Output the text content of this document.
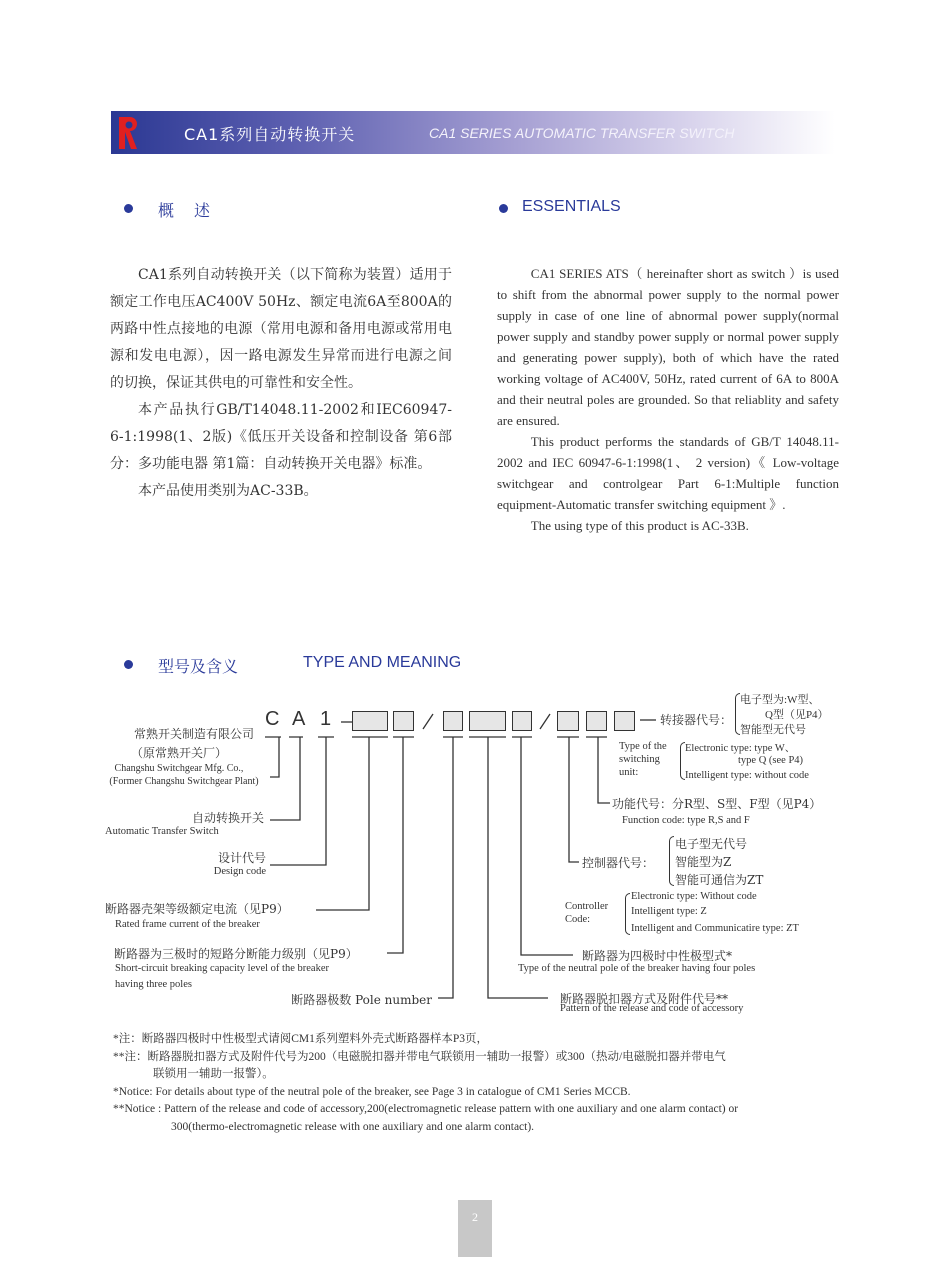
CA1系列自动转换开关	CA1 SERIES AUTOMATIC TRANSFER SWITCH
概　述	ESSENTIALS

CA1系列自动转换开关（以下简称为装置）适用于额定工作电压AC400V 50Hz、额定电流6A至800A的两路中性点接地的电源（常用电源和备用电源或常用电源和发电电源），因一路电源发生异常而进行电源之间的切换，保证其供电的可靠性和安全性。

本产品执行GB/T14048.11-2002和IEC60947-6-1:1998(1、2版)《低压开关设备和控制设备 第6部分：多功能电器 第1篇：自动转换开关电器》标准。

本产品使用类别为AC-33B。

CA1 SERIES ATS（ hereinafter short as switch ）is used to shift from the abnormal power supply to the normal power supply in case of one line of abnormal power supply(normal power supply and standby power supply or normal power supply and generating power supply), both of which have the rated working voltage of AC400V, 50Hz, rated current of 6A to 800A and their neutral poles are grounded. So that reliablity and safety are ensured.

This product performs the standards of GB/T 14048.11-2002 and IEC 60947-6-1:1998(1、 2 version)《 Low-voltage switchgear and controlgear Part 6-1:Multiple function equipment-Automatic transfer switching equipment 》.

The using type of this product is AC-33B.

型号及含义	TYPE AND MEANING
C A 1
常熟开关制造有限公司
（原常熟开关厂）
Changshu Switchgear Mfg. Co.,
(Former Changshu Switchgear Plant)
自动转换开关
Automatic Transfer Switch
设计代号
Design code
断路器壳架等级额定电流（见P9）
Rated frame current of the breaker
断路器为三极时的短路分断能力级别（见P9）
Short-circuit breaking capacity level of the breaker
having three poles
断路器极数 Pole number
转接器代号：
电子型为:W型、
Q型（见P4）
智能型无代号
Type of the
switching
unit:
Electronic type: type W、
type Q (see P4)
Intelligent type: without code
功能代号：分R型、S型、F型（见P4）
Function code: type R,S and F
控制器代号：
电子型无代号
智能型为Z
智能可通信为ZT
Controller
Code:
Electronic type: Without code
Intelligent type: Z
Intelligent and Communicatire type: ZT
断路器为四极时中性极型式*
Type of the neutral pole of the breaker having four poles
断路器脱扣器方式及附件代号**
Pattern of the release and code of accessory
*注：断路器四极时中性极型式请阅CM1系列塑料外壳式断路器样本P3页，
**注：断路器脱扣器方式及附件代号为200（电磁脱扣器并带电气联锁用一辅助一报警）或300（热动/电磁脱扣器并带电气
联锁用一辅助一报警）。
*Notice: For details about type of the neutral pole of the breaker, see Page 3 in catalogue of CM1 Series MCCB.
**Notice : Pattern of the release and code of accessory,200(electromagnetic release pattern with one auxiliary and one alarm contact) or
300(thermo-electromagnetic release with one auxiliary and one alarm contact).
2
